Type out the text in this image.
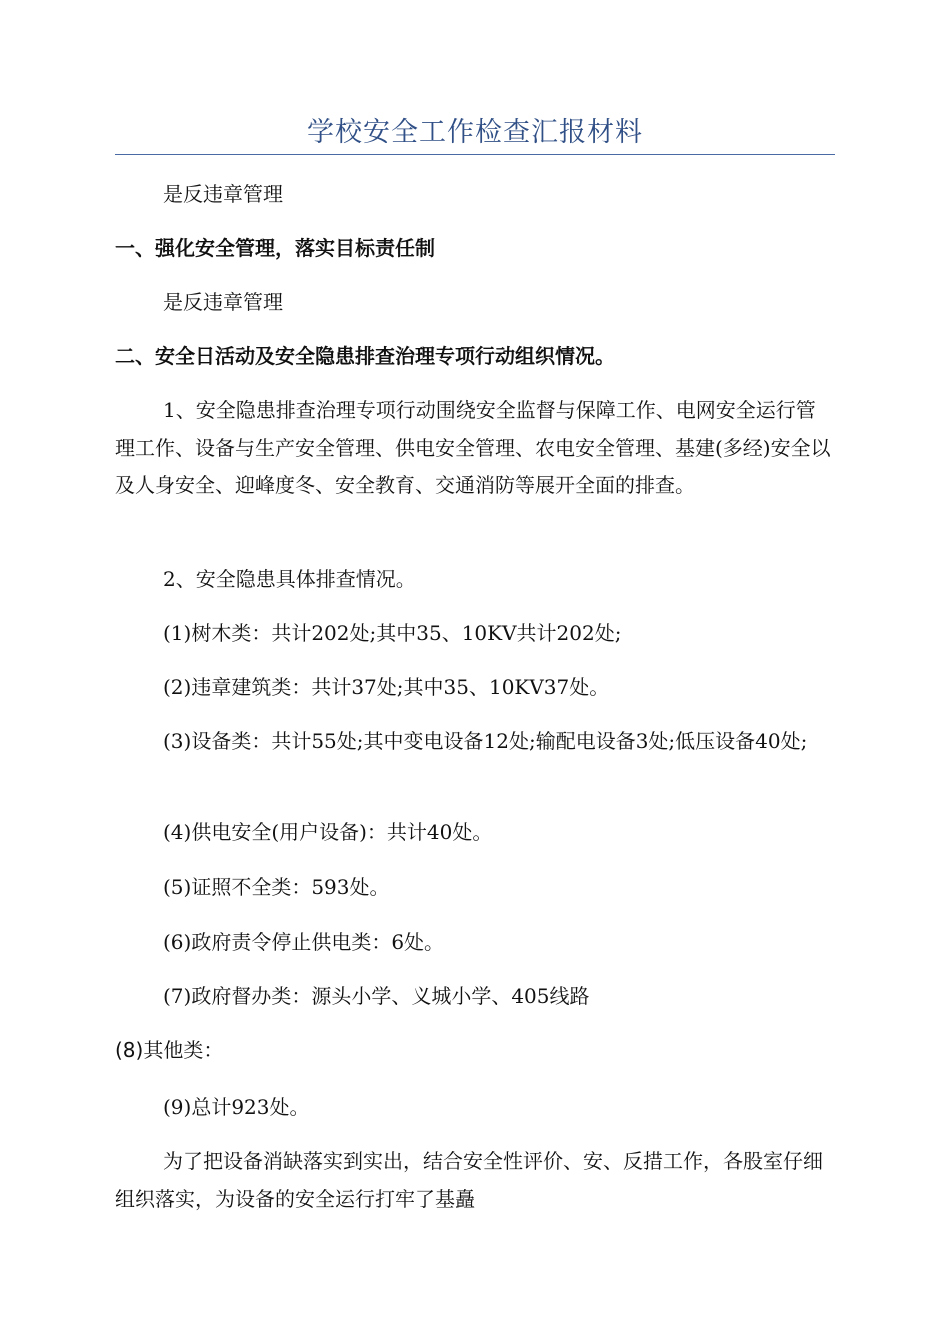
学校安全工作检查汇报材料

是反违章管理

一、强化安全管理，落实目标责任制

是反违章管理

二、安全日活动及安全隐患排查治理专项行动组织情况。

1、安全隐患排查治理专项行动围绕安全监督与保障工作、电网安全运行管理工作、设备与生产安全管理、供电安全管理、农电安全管理、基建(多经)安全以及人身安全、迎峰度冬、安全教育、交通消防等展开全面的排查。

2、安全隐患具体排查情况。

(1)树木类：共计202处;其中35、10KV共计202处;

(2)违章建筑类：共计37处;其中35、10KV37处。

(3)设备类：共计55处;其中变电设备12处;输配电设备3处;低压设备40处;

(4)供电安全(用户设备)：共计40处。

(5)证照不全类：593处。

(6)政府责令停止供电类：6处。

(7)政府督办类：源头小学、义城小学、405线路

(8)其他类：

(9)总计923处。

为了把设备消缺落实到实出，结合安全性评价、安、反措工作，各股室仔细组织落实，为设备的安全运行打牢了基矗
